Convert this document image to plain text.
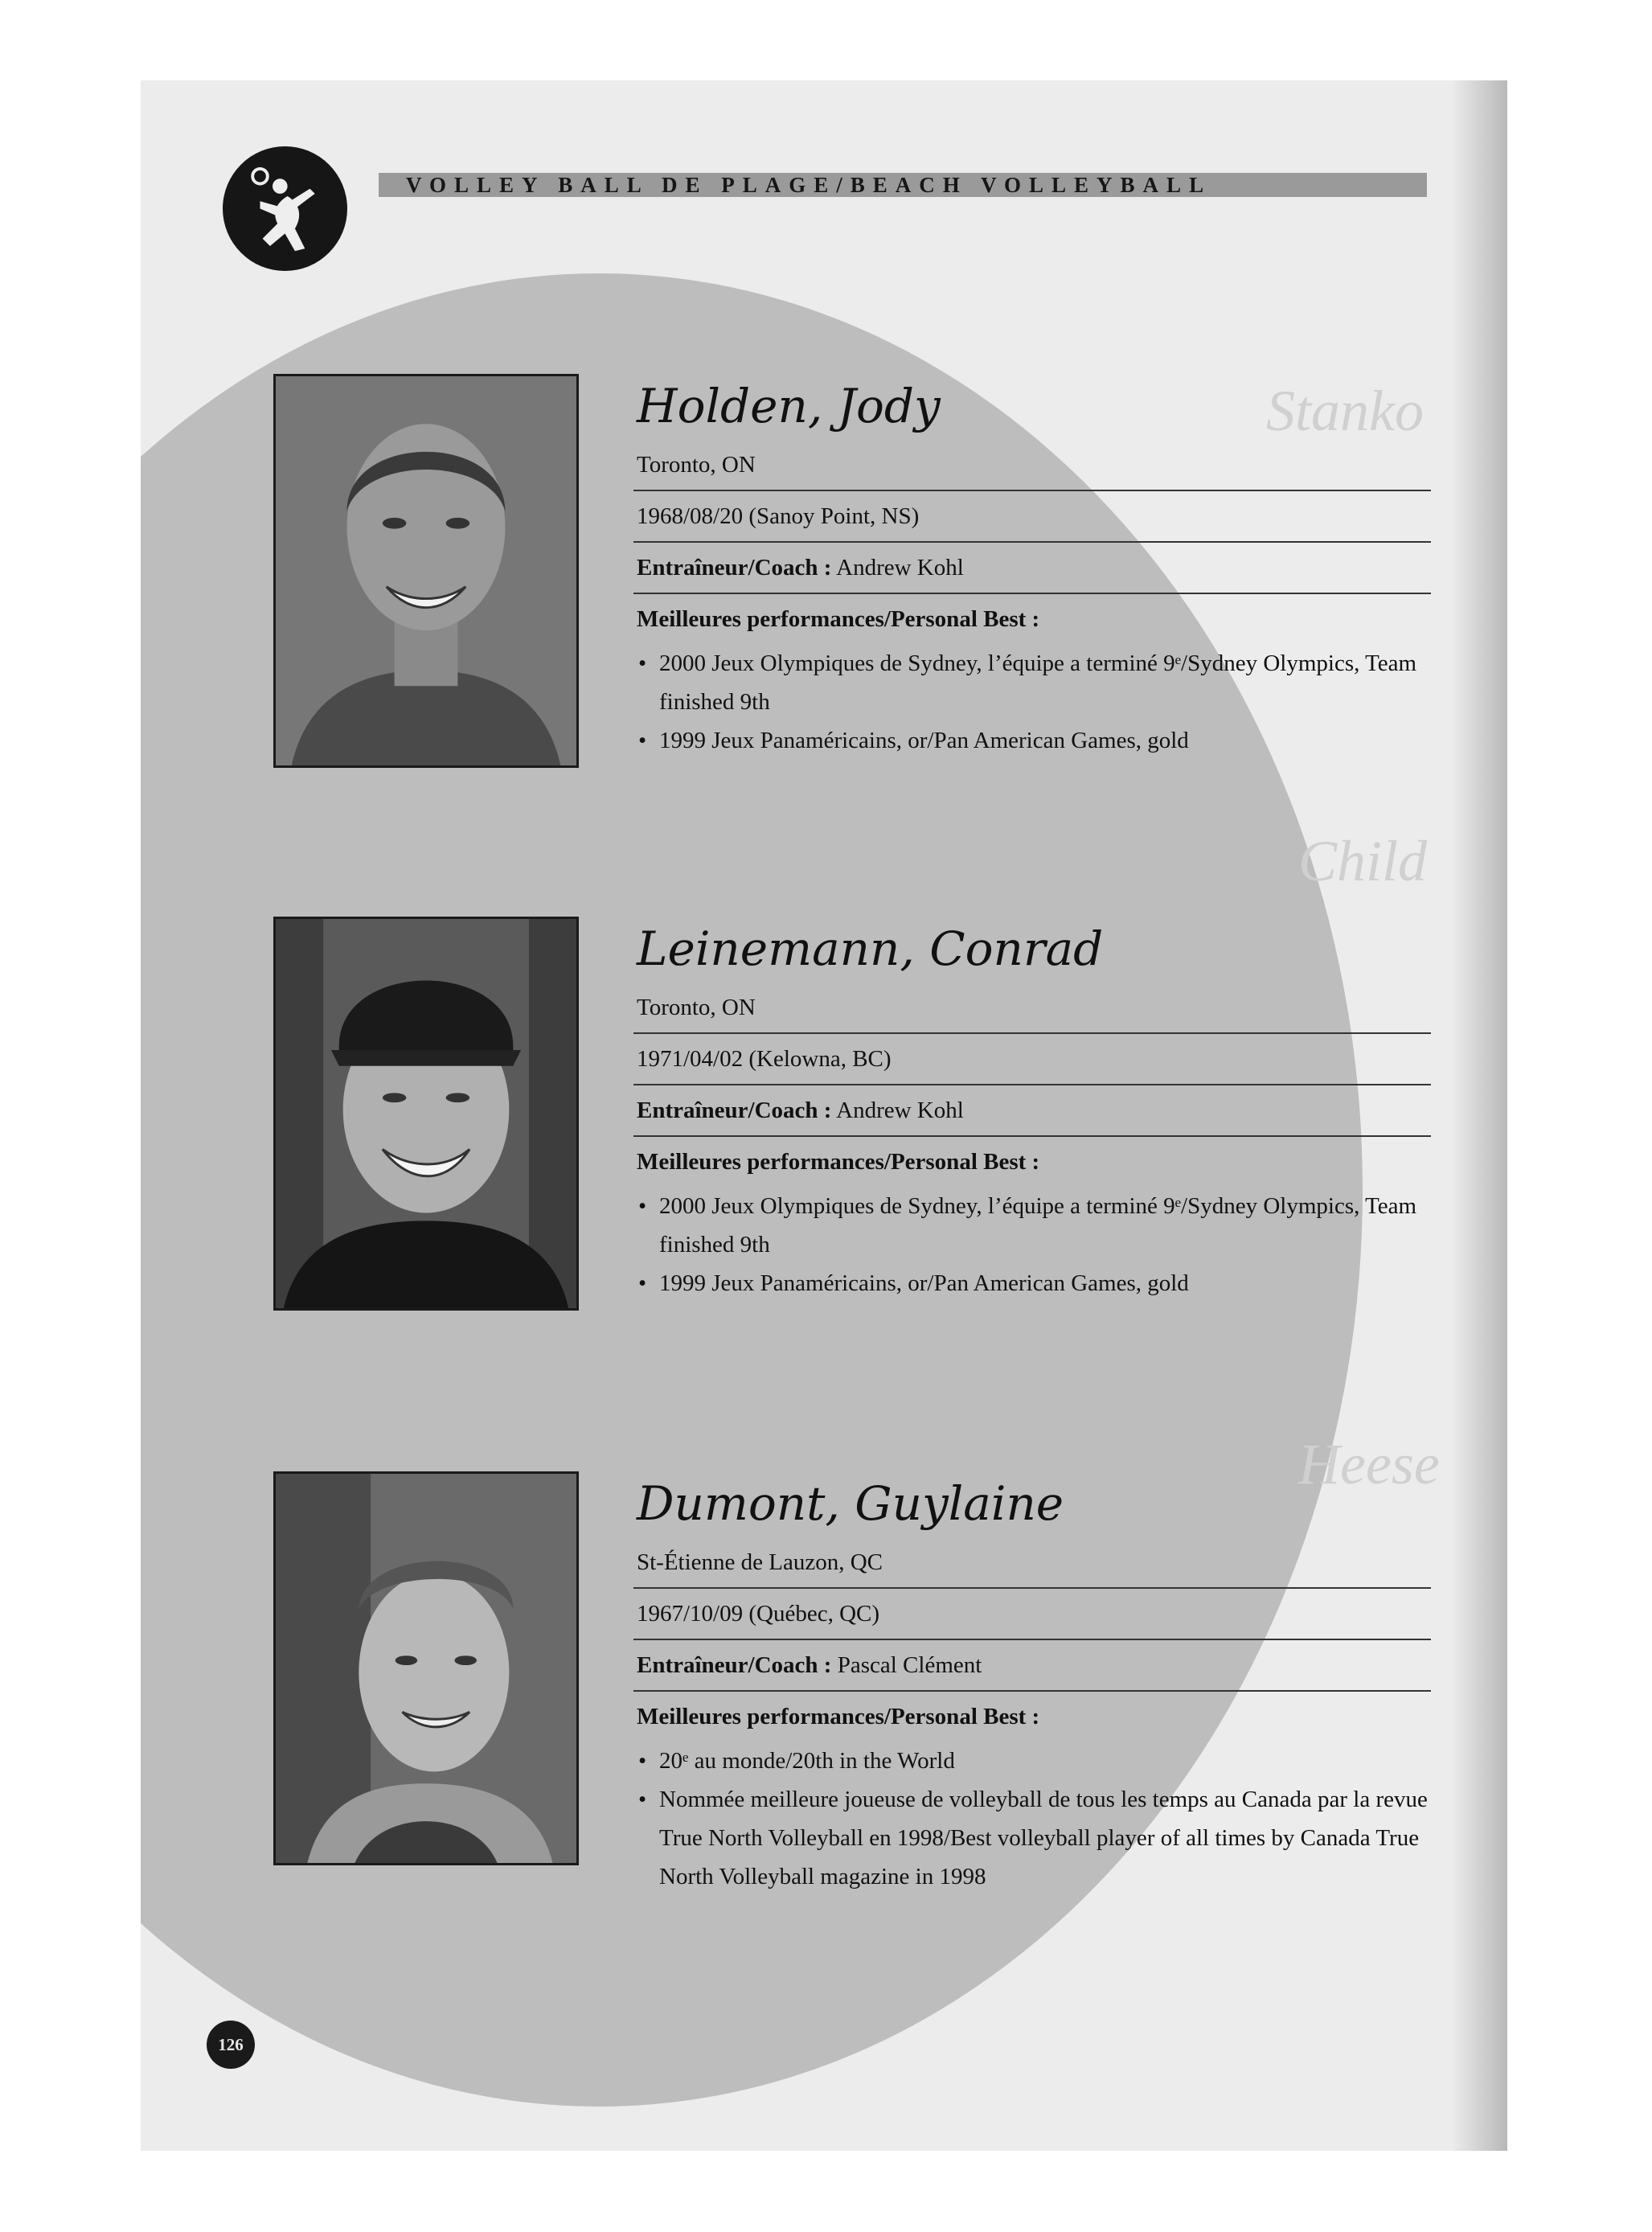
Stanko
Child
Heese
VOLLEY BALL DE PLAGE/BEACH VOLLEYBALL
Holden, Jody
Toronto, ON
1968/08/20 (Sanoy Point, NS)
Entraîneur/Coach : Andrew Kohl
Meilleures performances/Personal Best :
• 2000 Jeux Olympiques de Sydney, l’équipe a terminé 9ᵉ/Sydney Olympics, Team finished 9th
• 1999 Jeux Panaméricains, or/Pan American Games, gold
Leinemann, Conrad
Toronto, ON
1971/04/02 (Kelowna, BC)
Entraîneur/Coach : Andrew Kohl
Meilleures performances/Personal Best :
• 2000 Jeux Olympiques de Sydney, l’équipe a terminé 9ᵉ/Sydney Olympics, Team finished 9th
• 1999 Jeux Panaméricains, or/Pan American Games, gold
Dumont, Guylaine
St-Étienne de Lauzon, QC
1967/10/09 (Québec, QC)
Entraîneur/Coach : Pascal Clément
Meilleures performances/Personal Best :
• 20ᵉ au monde/20th in the World
• Nommée meilleure joueuse de volleyball de tous les temps au Canada par la revue True North Volleyball en 1998/Best volleyball player of all times by Canada True North Volleyball magazine in 1998
126
